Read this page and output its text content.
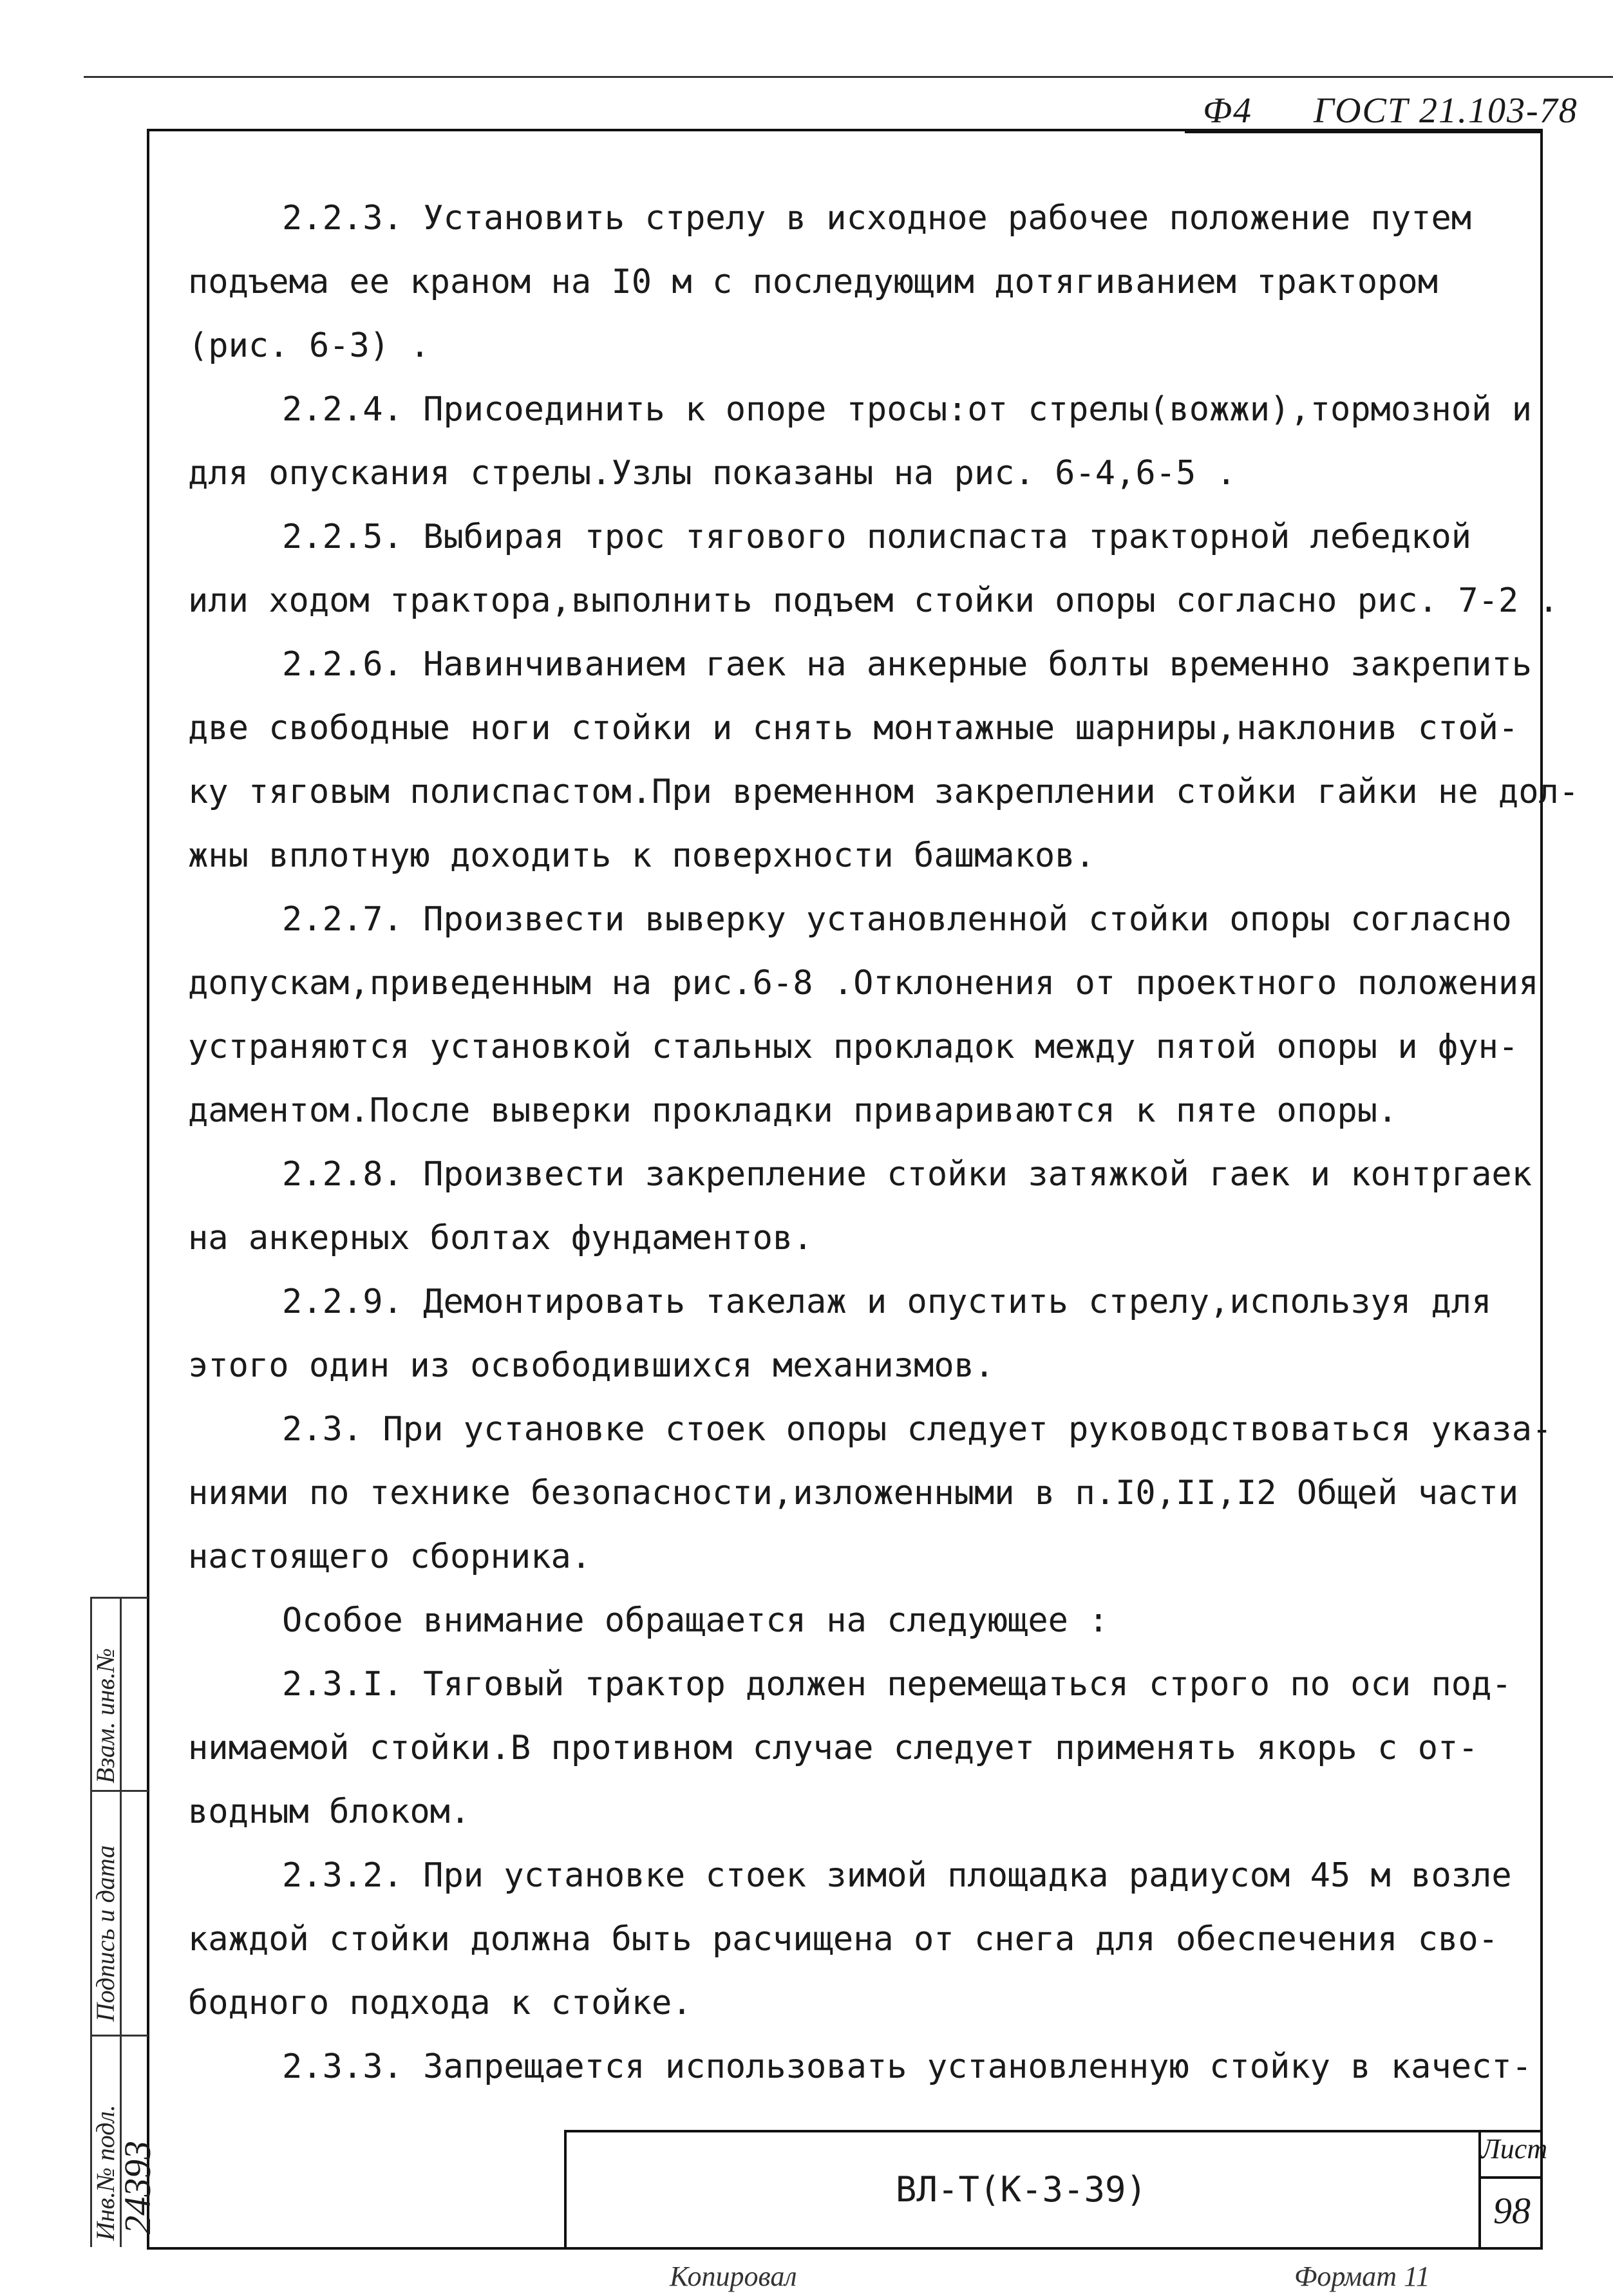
Ф4 ГОСТ 21.103-78

2.2.3. Установить стрелу в исходное рабочее положение путем

подъема ее краном на I0 м с последующим дотягиванием трактором

(рис. 6-3) .

2.2.4. Присоединить к опоре тросы:от стрелы(вожжи),тормозной и

для опускания стрелы.Узлы показаны на рис. 6-4,6-5 .

2.2.5. Выбирая трос тягового полиспаста тракторной лебедкой

или ходом трактора,выполнить подъем стойки опоры согласно рис. 7-2 .

2.2.6. Навинчиванием гаек на анкерные болты временно закрепить

две свободные ноги стойки и снять монтажные шарниры,наклонив стой-

ку тяговым полиспастом.При временном закреплении стойки гайки не дол-

жны вплотную доходить к поверхности башмаков.

2.2.7. Произвести выверку установленной стойки опоры согласно

допускам,приведенным на рис.6-8 .Отклонения от проектного положения

устраняются установкой стальных прокладок между пятой опоры и фун-

даментом.После выверки прокладки привариваются к пяте опоры.

2.2.8. Произвести закрепление стойки затяжкой гаек и контргаек

на анкерных болтах фундаментов.

2.2.9. Демонтировать такелаж и опустить стрелу,используя для

этого один из освободившихся механизмов.

2.3. При установке стоек опоры следует руководствоваться указа-

ниями по технике безопасности,изложенными в п.I0,II,I2 Общей части

настоящего сборника.

Особое внимание обращается на следующее :

2.3.I. Тяговый трактор должен перемещаться строго по оси под-

нимаемой стойки.В противном случае следует применять якорь с от-

водным блоком.

2.3.2. При установке стоек зимой площадка радиусом 45 м возле

каждой стойки должна быть расчищена от снега для обеспечения сво-

бодного подхода к стойке.

2.3.3. Запрещается использовать установленную стойку в качест-

Взам. инв.№
Подпись и дата
Инв.№ подл.
24393	ВЛ-Т(К-3-39)
Лист
98
Копировал	Формат 11
